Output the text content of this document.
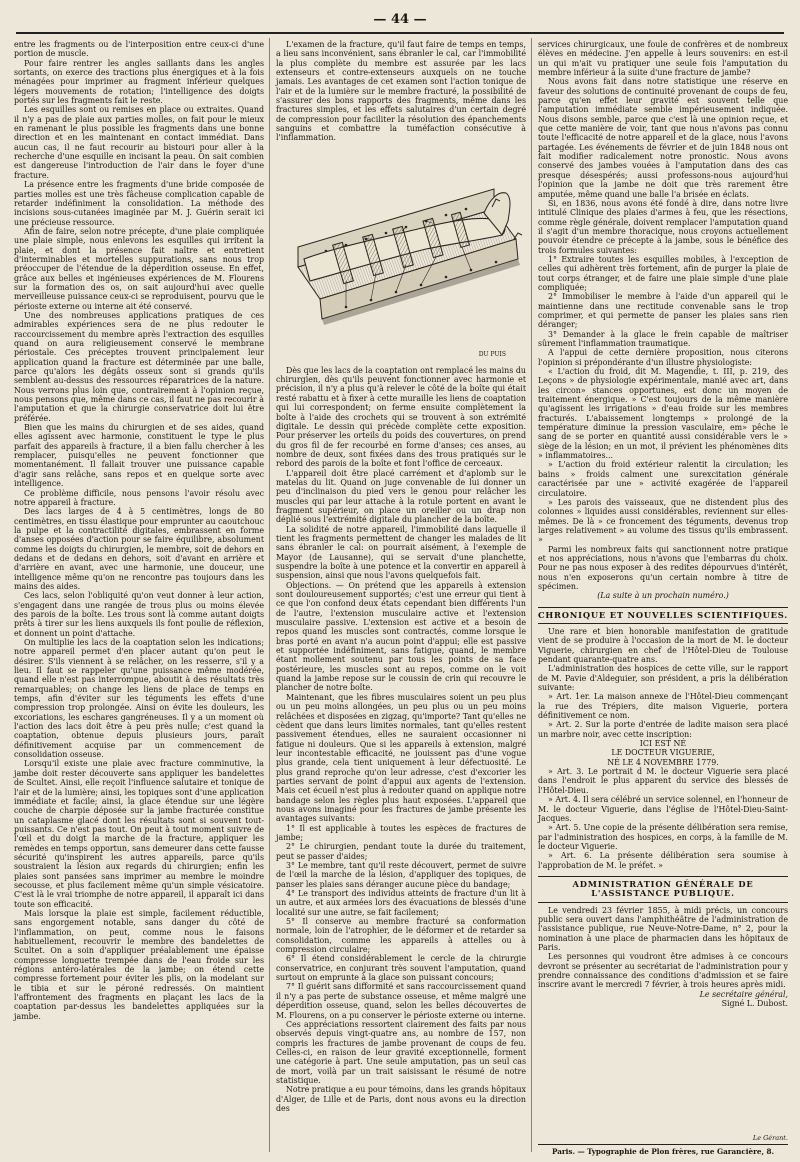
— 44 —

entre les fragments ou de l'interposition entre ceux-ci d'une portion de muscle.

Pour faire rentrer les angles saillants dans les angles sortants, on exerce des tractions plus énergiques et à la fois ménagées pour imprimer au fragment inférieur quelques légers mouvements de rotation; l'intelligence des doigts portés sur les fragments fait le reste.

Les esquilles sont ou remises en place ou extraites. Quand il n'y a pas de plaie aux parties molles, on fait pour le mieux en ramenant le plus possible les fragments dans une bonne direction et en les maintenant en contact immédiat. Dans aucun cas, il ne faut recourir au bistouri pour aller à la recherche d'une esquille en incisant la peau. On sait combien est dangereuse l'introduction de l'air dans le foyer d'une fracture.

La présence entre les fragments d'une bride composée de parties molles est une très fâcheuse complication capable de retarder indéfiniment la consolidation. La méthode des incisions sous-cutanées imaginée par M. J. Guérin serait ici une précieuse ressource.

Afin de faire, selon notre précepte, d'une plaie compliquée une plaie simple, nous enlevons les esquilles qui irritent la plaie, et dont la présence fait naître et entretient d'interminables et mortelles suppurations, sans nous trop préoccuper de l'étendue de la déperdition osseuse. En effet, grâce aux belles et ingénieuses expériences de M. Flourens sur la formation des os, on sait aujourd'hui avec quelle merveilleuse puissance ceux-ci se reproduisent, pourvu que le périoste externe ou interne ait été conservé.

Une des nombreuses applications pratiques de ces admirables expériences sera de ne plus redouter le raccourcissement du membre après l'extraction des esquilles quand on aura religieusement conservé le membrane périostale. Ces préceptes trouvent principalement leur application quand la fracture est déterminée par une balle, parce qu'alors les dégâts osseux sont si grands qu'ils semblent au-dessus des ressources réparatrices de la nature. Nous verrons plus loin que, contrairement à l'opinion reçue, nous pensons que, même dans ce cas, il faut ne pas recourir à l'amputation et que la chirurgie conservatrice doit lui être préférée.

Bien que les mains du chirurgien et de ses aides, quand elles agissent avec harmonie, constituent le type le plus parfait des appareils à fracture, il a bien fallu chercher à les remplacer, puisqu'elles ne peuvent fonctionner que momentanément. Il fallait trouver une puissance capable d'agir sans relâche, sans repos et en quelque sorte avec intelligence.

Ce problème difficile, nous pensons l'avoir résolu avec notre appareil à fracture.

Des lacs larges de 4 à 5 centimètres, longs de 80 centimètres, en tissu élastique pour emprunter au caoutchouc la pulpe et la contractilité digitales, embrassent en forme d'anses opposées d'action pour se faire équilibre, absolument comme les doigts du chirurgien, le membre, soit de dehors en dedans et de dedans en dehors, soit d'avant en arrière et d'arrière en avant, avec une harmonie, une douceur, une intelligence même qu'on ne rencontre pas toujours dans les mains des aides.

Ces lacs, selon l'obliquité qu'on veut donner à leur action, s'engagent dans une rangée de trous plus ou moins élevée des parois de la boîte. Les trous sont là comme autant doigts prêts à tirer sur les liens auxquels ils font poulie de réflexion, et donnent un point d'attache.

On multiplie les lacs de la coaptation selon les indications; notre appareil permet d'en placer autant qu'on peut le désirer. S'ils viennent à se relâcher, on les resserre, s'il y a lieu. Il faut se rappeler qu'une puissance même modérée, quand elle n'est pas interrompue, aboutit à des résultats très remarquables; on change les liens de place de temps en temps, afin d'éviter sur les téguments les effets d'une compression trop prolongée. Ainsi on évite les douleurs, les excoriations, les eschares gangréneuses. Il y a un moment où l'action des lacs doit être à peu près nulle; c'est quand la coaptation, obtenue depuis plusieurs jours, paraît définitivement acquise par un commencement de consolidation osseuse.

Lorsqu'il existe une plaie avec fracture comminutive, la jambe doit rester découverte sans appliquer les bandelettes de Scultet. Ainsi, elle reçoit l'influence salutaire et tonique de l'air et de la lumière; ainsi, les topiques sont d'une application immédiate et facile; ainsi, la glace étendue sur une légère couche de charpie déposée sur la jambe fracturée constitue un cataplasme glacé dont les résultats sont si souvent tout-puissants. Ce n'est pas tout. On peut à tout moment suivre de l'œil et du doigt la marche de la fracture, appliquer les remèdes en temps opportun, sans demeurer dans cette fausse sécurité qu'inspirent les autres appareils, parce qu'ils soustraient la lésion aux regards du chirurgien; enfin les plaies sont pansées sans imprimer au membre le moindre secousse, et plus facilement même qu'un simple vésicatoire. C'est là le vrai triomphe de notre appareil, il apparaît ici dans toute son efficacité.

Mais lorsque la plaie est simple, facilement réductible, sans engorgement notable, sans danger du côté de l'inflammation, on peut, comme nous le faisons habituellement, recouvrir le membre des bandelettes de Scultet. On a soin d'appliquer préalablement une épaisse compresse longuette trempée dans de l'eau froide sur les régions antéro-latérales de la jambe; on étend cette compresse fortement pour éviter les plis, on la modelant sur le tibia et sur le péroné redressés. On maintient l'affrontement des fragments en plaçant les lacs de la coaptation par-dessus les bandelettes appliquées sur la jambe.

L'examen de la fracture, qu'il faut faire de temps en temps, a lieu sans inconvénient, sans ébranler le cal, car l'immobilité la plus complète du membre est assurée par les lacs extenseurs et contre-extenseurs auxquels on ne touche jamais. Les avantages de cet examen sont l'action tonique de l'air et de la lumière sur le membre fracturé, la possibilité de s'assurer des bons rapports des fragments, même dans les fractures simples, et les effets salutaires d'un certain degré de compression pour faciliter la résolution des épanchements sanguins et combattre la tuméfaction consécutive à l'inflammation.

DU PUIS

Dès que les lacs de la coaptation ont remplacé les mains du chirurgien, dès qu'ils peuvent fonctionner avec harmonie et précision, il n'y a plus qu'à relever le côté de la boîte qui était resté rabattu et à fixer à cette muraille les liens de coaptation qui lui correspondent; on ferme ensuite complètement la boîte à l'aide des crochets qui se trouvent à son extrémité digitale. Le dessin qui précède complète cette exposition. Pour préserver les orteils du poids des couvertures, on prend du gros fil de fer recourbé en forme d'anses; ces anses, au nombre de deux, sont fixées dans des trous pratiqués sur le rebord des parois de la boîte et font l'office de cerceaux.

L'appareil doit être placé carrément et d'aplomb sur le matelas du lit. Quand on juge convenable de lui donner un peu d'inclinaison du pied vers le genou pour relâcher les muscles qui par leur attache à la rotule portent en avant le fragment supérieur, on place un oreiller ou un drap non déplié sous l'extrémité digitale du plancher de la boîte.

La solidité de notre appareil, l'immobilité dans laquelle il tient les fragments permettent de changer les malades de lit sans ébranler le cal: on pourrait aisément, à l'exemple de Mayor (de Lausanne), qui se servait d'une planchette, suspendre la boîte à une potence et la convertir en appareil à suspension, ainsi que nous l'avons quelquefois fait.

Objections. — On prétend que les appareils à extension sont douloureusement supportés; c'est une erreur qui tient à ce que l'on confond deux états cependant bien différents l'un de l'autre, l'extension musculaire active et l'extension musculaire passive. L'extension est active et a besoin de repos quand les muscles sont contractés, comme lorsque le bras porté en avant n'a aucun point d'appui; elle est passive et supportée indéfiniment, sans fatigue, quand, le membre étant mollement soutenu par tous les points de sa face postérieure, les muscles sont au repos, comme on le voit quand la jambe repose sur le coussin de crin qui recouvre le plancher de notre boîte.

Maintenant, que les fibres musculaires soient un peu plus ou un peu moins allongées, un peu plus ou un peu moins relâchées et disposées en zigzag, qu'importe? Tant qu'elles ne cèdent que dans leurs limites normales, tant qu'elles restent passivement étendues, elles ne sauraient occasionner ni fatigue ni douleurs. Que si les appareils à extension, malgré leur incontestable efficacité, ne jouissent pas d'une vogue plus grande, cela tient uniquement à leur défectuosité. Le plus grand reproche qu'on leur adresse, c'est d'excorier les parties servant de point d'appui aux agents de l'extension. Mais cet écueil n'est plus à redouter quand on applique notre bandage selon les règles plus haut exposées. L'appareil que nous avons imaginé pour les fractures de jambe présente les avantages suivants:

1° Il est applicable à toutes les espèces de fractures de jambe;

2° Le chirurgien, pendant toute la durée du traitement, peut se passer d'aides;

3° Le membre, tant qu'il reste découvert, permet de suivre de l'œil la marche de la lésion, d'appliquer des topiques, de panser les plaies sans déranger aucune pièce du bandage;

4° Le transport des individus atteints de fracture d'un lit à un autre, et aux armées lors des évacuations de blessés d'une localité sur une autre, se fait facilement;

5° Il conserve au membre fracturé sa conformation normale, loin de l'atrophier, de le déformer et de retarder sa consolidation, comme les appareils à attelles ou à compression circulaire;

6° Il étend considérablement le cercle de la chirurgie conservatrice, en conjurant très souvent l'amputation, quand surtout on emprunte à la glace son puissant concours;

7° Il guérit sans difformité et sans raccourcissement quand il n'y a pas perte de substance osseuse, et même malgré une déperdition osseuse, quand, selon les belles découvertes de M. Flourens, on a pu conserver le périoste externe ou interne.

Ces appréciations ressortent clairement des faits par nous observés depuis vingt-quatre ans, au nombre de 157, non compris les fractures de jambe provenant de coups de feu. Celles-ci, en raison de leur gravité exceptionnelle, forment une catégorie à part. Une seule amputation, pas un seul cas de mort, voilà par un trait saisissant le résumé de notre statistique.

Notre pratique a eu pour témoins, dans les grands hôpitaux d'Alger, de Lille et de Paris, dont nous avons eu la direction des

services chirurgicaux, une foule de confrères et de nombreux élèves en médecine. J'en appelle à leurs souvenirs: en est-il un qui m'ait vu pratiquer une seule fois l'amputation du membre inférieur à la suite d'une fracture de jambe?

Nous avons fait dans notre statistique une réserve en faveur des solutions de continuité provenant de coups de feu, parce qu'en effet leur gravité est souvent telle que l'amputation immédiate semble impérieusement indiquée. Nous disons semble, parce que c'est là une opinion reçue, et que cette manière de voir, tant que nous n'avons pas connu toute l'efficacité de notre appareil et de la glace, nous l'avons partagée. Les événements de février et de juin 1848 nous ont fait modifier radicalement notre pronostic. Nous avons conservé des jambes vouées à l'amputation dans des cas presque désespérés; aussi professons-nous aujourd'hui l'opinion que la jambe ne doit que très rarement être amputée, même quand une balle l'a brisée en éclats.

Si, en 1836, nous avons été fondé à dire, dans notre livre intitulé Clinique des plaies d'armes à feu, que les résections, comme règle générale, doivent remplacer l'amputation quand il s'agit d'un membre thoracique, nous croyons actuellement pouvoir étendre ce précepte à la jambe, sous le bénéfice des trois formules suivantes:

1° Extraire toutes les esquilles mobiles, à l'exception de celles qui adhèrent très fortement, afin de purger la plaie de tout corps étranger, et de faire une plaie simple d'une plaie compliquée;

2° Immobiliser le membre à l'aide d'un appareil qui le maintienne dans une rectitude convenable sans le trop comprimer, et qui permette de panser les plaies sans rien déranger;

3° Demander à la glace le frein capable de maîtriser sûrement l'inflammation traumatique.

A l'appui de cette dernière proposition, nous citerons l'opinion si prépondérante d'un illustre physiologiste:

« L'action du froid, dit M. Magendie, t. III, p. 219, des Leçons » de physiologie expérimentale, manié avec art, dans les circon» stances opportunes, est donc un moyen de traitement énergique. » C'est toujours de la même manière qu'agissent les irrigations » d'eau froide sur les membres fracturés. L'abaissement longtemps » prolongé de la température diminue la pression vasculaire, em» pêche le sang de se porter en quantité aussi considérable vers le » siège de la lésion; en un mot, il prévient les phénomènes dits » inflammatoires...

» L'action du froid extérieur ralentit la circulation; les bains » froids calment une surexcitation générale caractérisée par une » activité exagérée de l'appareil circulatoire.

» Les parois des vaisseaux, que ne distendent plus des colonnes » liquides aussi considérables, reviennent sur elles-mêmes. De là » ce froncement des téguments, devenus trop larges relativement » au volume des tissus qu'ils embrassent. »

Parmi les nombreux faits qui sanctionnent notre pratique et nos appréciations, nous n'avons que l'embarras du choix. Pour ne pas nous exposer à des redites dépourvues d'intérêt, nous n'en exposerons qu'un certain nombre à titre de spécimen.

(La suite à un prochain numéro.)

CHRONIQUE ET NOUVELLES SCIENTIFIQUES.

Une rare et bien honorable manifestation de gratitude vient de se produire à l'occasion de la mort de M. le docteur Viguerie, chirurgien en chef de l'Hôtel-Dieu de Toulouse pendant quarante-quatre ans.

L'administration des hospices de cette ville, sur le rapport de M. Pavie d'Aldeguier, son président, a pris la délibération suivante:

» Art. 1er. La maison annexe de l'Hôtel-Dieu commençant la rue des Trépiers, dite maison Viguerie, portera définitivement ce nom.

» Art. 2. Sur la porte d'entrée de ladite maison sera placé un marbre noir, avec cette inscription:

ICI EST NÉ

LE DOCTEUR VIGUERIE,

NÉ LE 4 NOVEMBRE 1779.

» Art. 3. Le portrait d M. le docteur Viguerie sera placé dans l'endroit le plus apparent du service des blessés de l'Hôtel-Dieu.

» Art. 4. Il sera célébré un service solennel, en l'honneur de M. le docteur Viguerie, dans l'église de l'Hôtel-Dieu-Saint-Jacques.

» Art. 5. Une copie de la présente délibération sera remise, par l'administration des hospices, en corps, à la famille de M. le docteur Viguerie.

» Art. 6. La présente délibération sera soumise à l'approbation de M. le préfet. »

ADMINISTRATION GÉNÉRALE DE L'ASSISTANCE PUBLIQUE.

Le vendredi 23 février 1855, à midi précis, un concours public sera ouvert dans l'amphithéâtre de l'administration de l'assistance publique, rue Neuve-Notre-Dame, n° 2, pour la nomination à une place de pharmacien dans les hôpitaux de Paris.

Les personnes qui voudront être admises à ce concours devront se présenter au secrétariat de l'administration pour y prendre connaissance des conditions d'admission et se faire inscrire avant le mercredi 7 février, à trois heures après midi.

Le secrétaire général,

Signé L. Dubost.

Le Gérant.
Paris. — Typographie de Plon frères, rue Garancière, 8.
